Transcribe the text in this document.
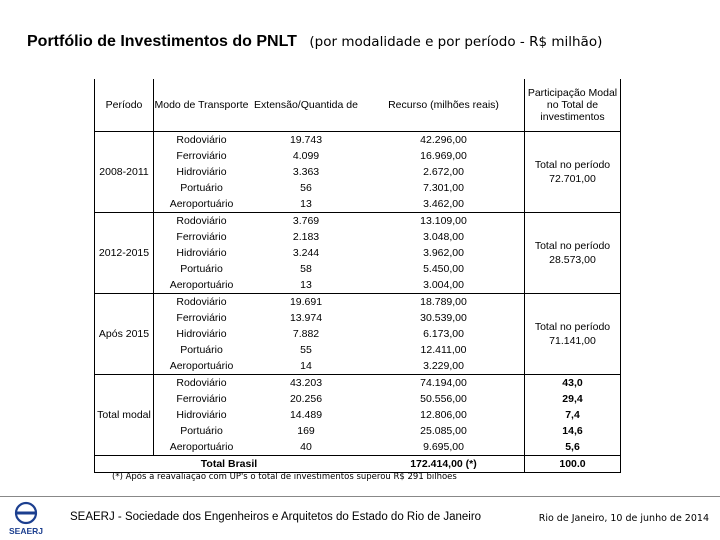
Portfólio de Investimentos do PNLT (por modalidade e por período - R$ milhão)
Período	Modo de Transporte	Extensão/Quantida de	Recurso (milhões reais)	Participação Modal no Total de investimentos
2008-2011	Rodoviário	19.743	42.296,00	Total no período 72.701,00
	Ferroviário	4.099	16.969,00	
	Hidroviário	3.363	2.672,00	
	Portuário	56	7.301,00	
	Aeroportuário	13	3.462,00	
2012-2015	Rodoviário	3.769	13.109,00	Total no período 28.573,00
	Ferroviário	2.183	3.048,00	
	Hidroviário	3.244	3.962,00	
	Portuário	58	5.450,00	
	Aeroportuário	13	3.004,00	
Após 2015	Rodoviário	19.691	18.789,00	Total no período 71.141,00
	Ferroviário	13.974	30.539,00	
	Hidroviário	7.882	6.173,00	
	Portuário	55	12.411,00	
	Aeroportuário	14	3.229,00	
Total modal	Rodoviário	43.203	74.194,00	43,0
	Ferroviário	20.256	50.556,00	29,4
	Hidroviário	14.489	12.806,00	7,4
	Portuário	169	25.085,00	14,6
	Aeroportuário	40	9.695,00	5,6
Total Brasil			172.414,00 (*)	100.0
(*) Após a reavaliação com UP's o total de investimentos superou R$ 291 bilhões
SEAERJ
SEAERJ - Sociedade dos Engenheiros e Arquitetos do Estado do Rio de Janeiro	Rio de Janeiro, 10 de junho de 2014
